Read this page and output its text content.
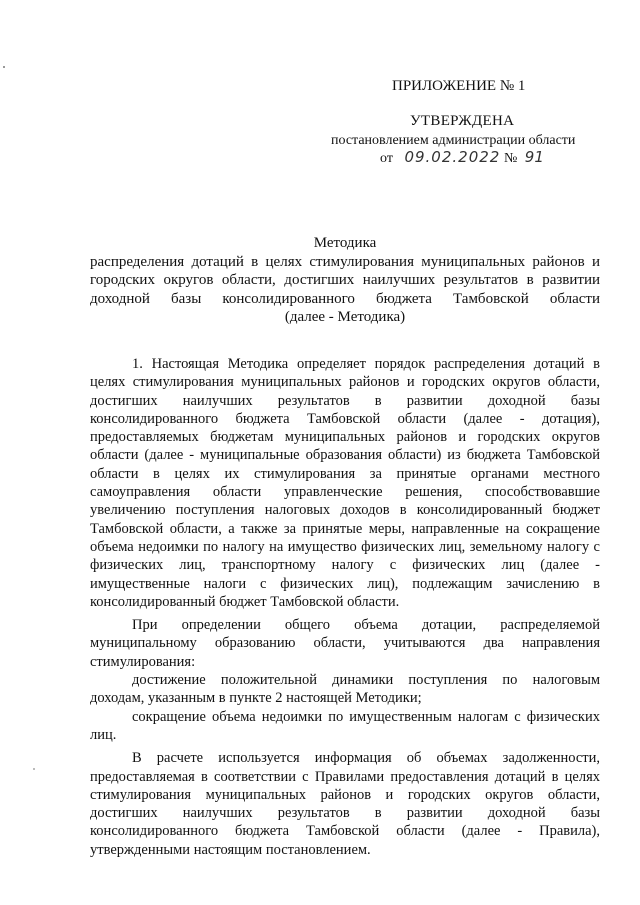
ПРИЛОЖЕНИЕ № 1
УТВЕРЖДЕНА
постановлением администрации области
от 09.02.2022 № 91
Методика
распределения дотаций в целях стимулирования муниципальных районов и
городских округов области, достигших наилучших результатов в развитии
доходной базы консолидированного бюджета Тамбовской области
(далее - Методика)

1. Настоящая Методика определяет порядок распределения дотаций в целях стимулирования муниципальных районов и городских округов области, достигших наилучших результатов в развитии доходной базы консолидированного бюджета Тамбовской области (далее - дотация), предоставляемых бюджетам муниципальных районов и городских округов области (далее - муниципальные образования области) из бюджета Тамбовской области в целях их стимулирования за принятые органами местного самоуправления области управленческие решения, способствовавшие увеличению поступления налоговых доходов в консолидированный бюджет Тамбовской области, а также за принятые меры, направленные на сокращение объема недоимки по налогу на имущество физических лиц, земельному налогу с физических лиц, транспортному налогу с физических лиц (далее - имущественные налоги с физических лиц), подлежащим зачислению в консолидированный бюджет Тамбовской области.

При определении общего объема дотации, распределяемой муниципальному образованию области, учитываются два направления стимулирования:

достижение положительной динамики поступления по налоговым доходам, указанным в пункте 2 настоящей Методики;

сокращение объема недоимки по имущественным налогам с физических лиц.

В расчете используется информация об объемах задолженности, предоставляемая в соответствии с Правилами предоставления дотаций в целях стимулирования муниципальных районов и городских округов области, достигших наилучших результатов в развитии доходной базы консолидированного бюджета Тамбовской области (далее - Правила), утвержденными настоящим постановлением.
